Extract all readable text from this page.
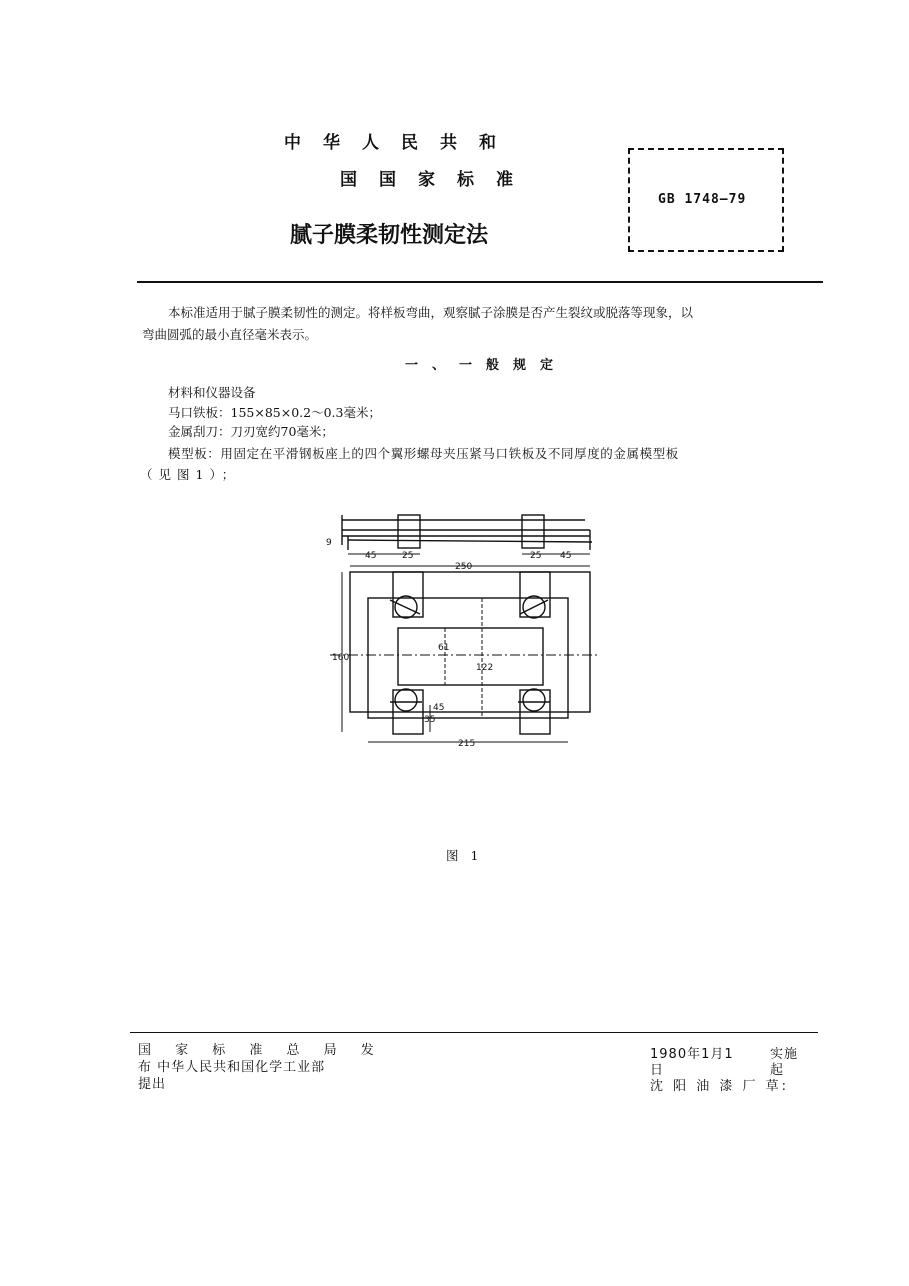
中华人民共和
国国家标准
腻子膜柔韧性测定法
GB 1748—79
本标准适用于腻子膜柔韧性的测定。将样板弯曲，观察腻子涂膜是否产生裂纹或脱落等现象，以
弯曲圆弧的最小直径毫米表示。
一、一般规定
材料和仪器设备
马口铁板：155×85×0.2～0.3毫米；
金属刮刀：刀刃宽约70毫米；
模型板：用固定在平滑钢板座上的四个翼形螺母夹压紧马口铁板及不同厚度的金属模型板
（见图1）；
45	25	25 45
250
9
61
122
160
35
45
215
图 1
国 家 标 准 总 局 发
布 中华人民共和国化学工业部
提出
1980年1月1	实施
日	起
沈 阳 油 漆 厂 草:
